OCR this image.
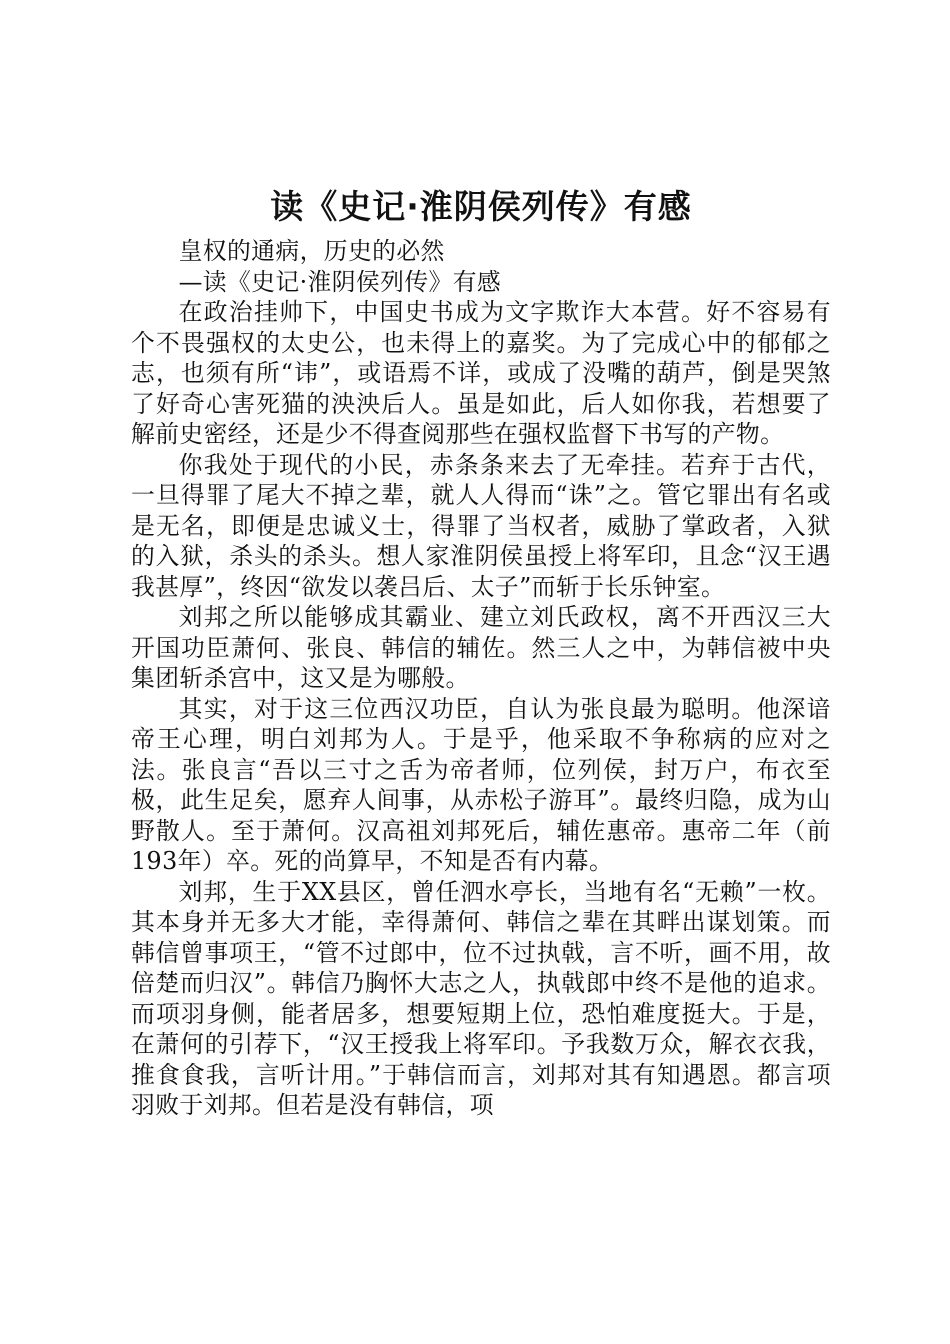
读《史记·淮阴侯列传》有感

皇权的通病，历史的必然

—读《史记·淮阴侯列传》有感

在政治挂帅下，中国史书成为文字欺诈大本营。好不容易有个不畏强权的太史公，也未得上的嘉奖。为了完成心中的郁郁之志，也须有所“讳”，或语焉不详，或成了没嘴的葫芦，倒是哭煞了好奇心害死猫的泱泱后人。虽是如此，后人如你我，若想要了解前史密经，还是少不得查阅那些在强权监督下书写的产物。

你我处于现代的小民，赤条条来去了无牵挂。若弃于古代，一旦得罪了尾大不掉之辈，就人人得而“诛”之。管它罪出有名或是无名，即便是忠诚义士，得罪了当权者，威胁了掌政者，入狱的入狱，杀头的杀头。想人家淮阴侯虽授上将军印，且念“汉王遇我甚厚”，终因“欲发以袭吕后、太子”而斩于长乐钟室。

刘邦之所以能够成其霸业、建立刘氏政权，离不开西汉三大开国功臣萧何、张良、韩信的辅佐。然三人之中，为韩信被中央集团斩杀宫中，这又是为哪般。

其实，对于这三位西汉功臣，自认为张良最为聪明。他深谙帝王心理，明白刘邦为人。于是乎，他采取不争称病的应对之法。张良言“吾以三寸之舌为帝者师，位列侯，封万户，布衣至极，此生足矣，愿弃人间事，从赤松子游耳”。最终归隐，成为山野散人。至于萧何。汉高祖刘邦死后，辅佐惠帝。惠帝二年（前193年）卒。死的尚算早，不知是否有内幕。

刘邦，生于XX县区，曾任泗水亭长，当地有名“无赖”一枚。其本身并无多大才能，幸得萧何、韩信之辈在其畔出谋划策。而韩信曾事项王，“管不过郎中，位不过执戟，言不听，画不用，故倍楚而归汉”。韩信乃胸怀大志之人，执戟郎中终不是他的追求。而项羽身侧，能者居多，想要短期上位，恐怕难度挺大。于是，在萧何的引荐下，“汉王授我上将军印。予我数万众，解衣衣我，推食食我，言听计用。”于韩信而言，刘邦对其有知遇恩。都言项羽败于刘邦。但若是没有韩信，项
